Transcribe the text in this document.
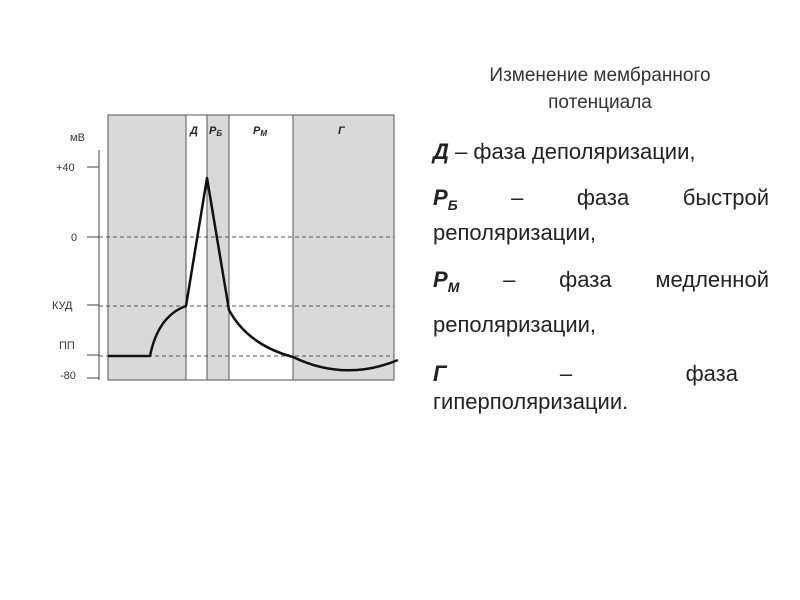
мВ
+40
0
КУД
ПП
-80
Д РБ	РМ	Г
Изменение мембранного
потенциала
Д – фаза деполяризации,
$Р_Б$ – фаза быстрой
реполяризации,
$Р_М$ – фаза медленной
реполяризации,
Г	–	фаза
гиперполяризации.
